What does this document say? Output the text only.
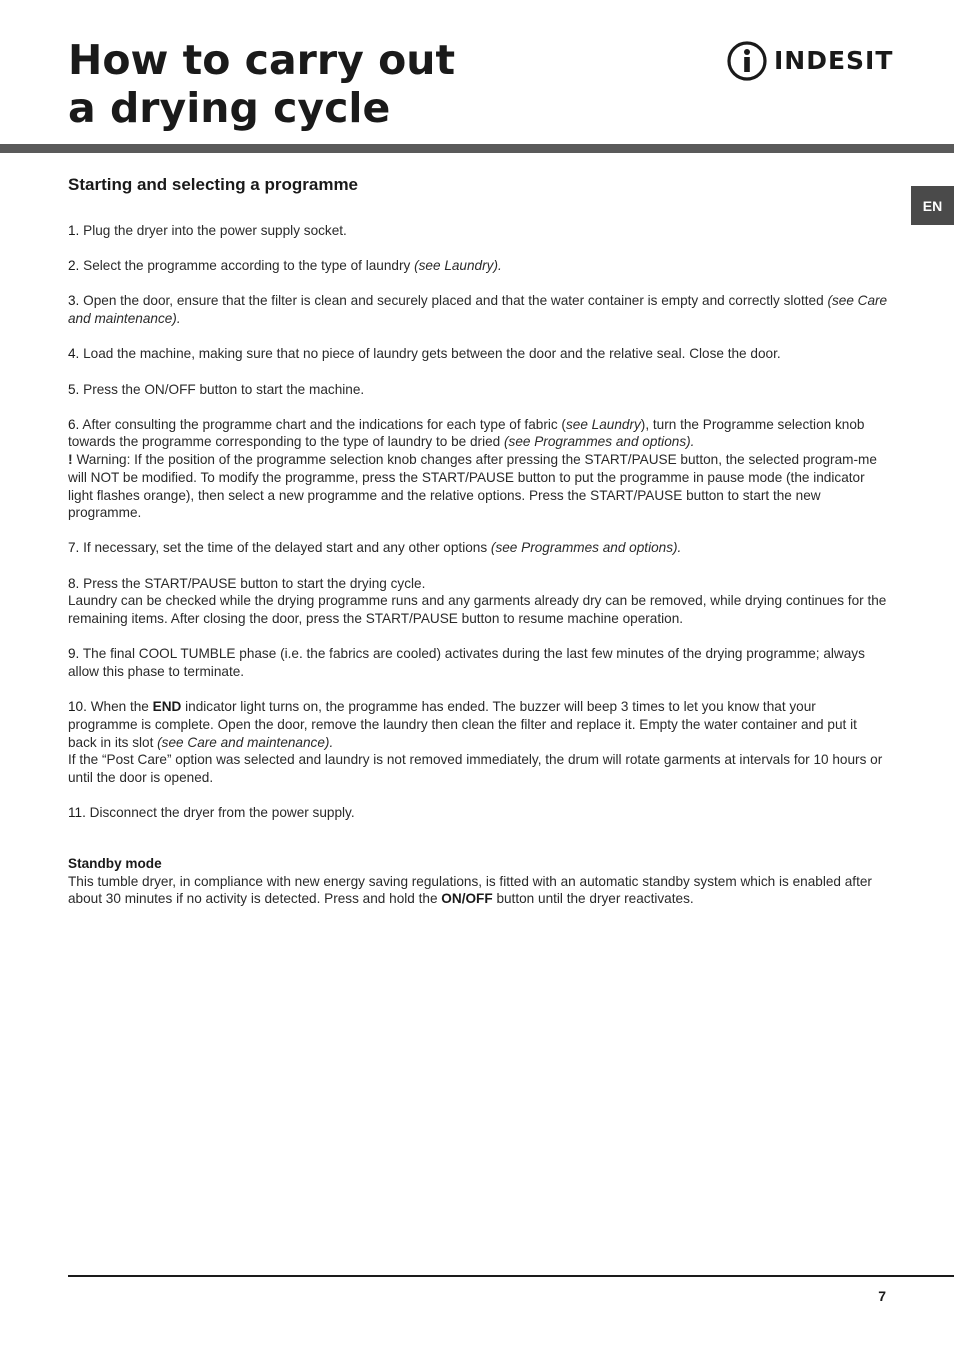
How to carry out
a drying cycle
INDESIT
EN
Starting and selecting a programme

1. Plug the dryer into the power supply socket.

2. Select the programme according to the type of laundry (see Laundry).

3. Open the door, ensure that the filter is clean and securely placed and that the water container is empty and correctly slotted (see Care and maintenance).

4. Load the machine, making sure that no piece of laundry gets between the door and the relative seal. Close the door.

5. Press the ON/OFF button to start the machine.

6. After consulting the programme chart and the indications for each type of fabric (see Laundry), turn the Programme selection knob towards the programme corresponding to the type of laundry to be dried (see Programmes and options).
! Warning: If the position of the programme selection knob changes after pressing the START/PAUSE button, the selected program-me will NOT be modified. To modify the programme, press the START/PAUSE button to put the programme in pause mode (the indicator light flashes orange), then select a new programme and the relative options. Press the START/PAUSE button to start the new programme.

7. If necessary, set the time of the delayed start and any other options (see Programmes and options).

8. Press the START/PAUSE button to start the drying cycle.
Laundry can be checked while the drying programme runs and any garments already dry can be removed, while drying continues for the remaining items. After closing the door, press the START/PAUSE button to resume machine operation.

9. The final COOL TUMBLE phase (i.e. the fabrics are cooled) activates during the last few minutes of the drying programme; always allow this phase to terminate.

10. When the END indicator light turns on, the programme has ended. The buzzer will beep 3 times to let you know that your programme is complete. Open the door, remove the laundry then clean the filter and replace it. Empty the water container and put it back in its slot (see Care and maintenance).
If the “Post Care” option was selected and laundry is not removed immediately, the drum will rotate garments at intervals for 10 hours or until the door is opened.

11. Disconnect the dryer from the power supply.

Standby mode

This tumble dryer, in compliance with new energy saving regulations, is fitted with an automatic standby system which is enabled after about 30 minutes if no activity is detected. Press and hold the ON/OFF button until the dryer reactivates.

7
